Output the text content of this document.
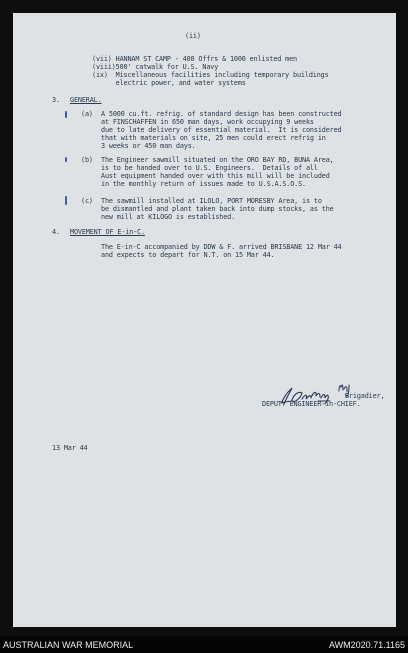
(ii)

(vii) HANNAM ST CAMP - 400 Offrs & 1000 enlisted men

(viii)500' catwalk for U.S. Navy

(ix)  Miscellaneous facilities including temporary buildings

electric power, and water systems

3. GENERAL.

(a) A 5000 cu.ft. refrig. of standard design has been constructed

at FINSCHAFFEN in 650 man days, work occupying 9 weeks

due to late delivery of essential material.  It is considered

that with materials on site, 25 men could erect refrig in

3 weeks or 450 man days.

(b) The Engineer sawmill situated on the ORO BAY RD, BUNA Area,

is to be handed over to U.S. Engineers.  Details of all

Aust equipment handed over with this mill will be included

in the monthly return of issues made to U.S.A.S.O.S.

(c) The sawmill installed at ILOLO, PORT MORESBY Area, is to

be dismantled and plant taken back into dump stocks, as the

new mill at KILOGO is established.

4. MOVEMENT OF E-in-C.

The E-in-C accompanied by DDW & F. arrived BRISBANE 12 Mar 44

and expects to depart for N.T. on 15 Mar 44.

Brigadier,

DEPUTY ENGINEER-in-CHIEF.

13 Mar 44

AUSTRALIAN WAR MEMORIAL	AWM2020.71.1165
